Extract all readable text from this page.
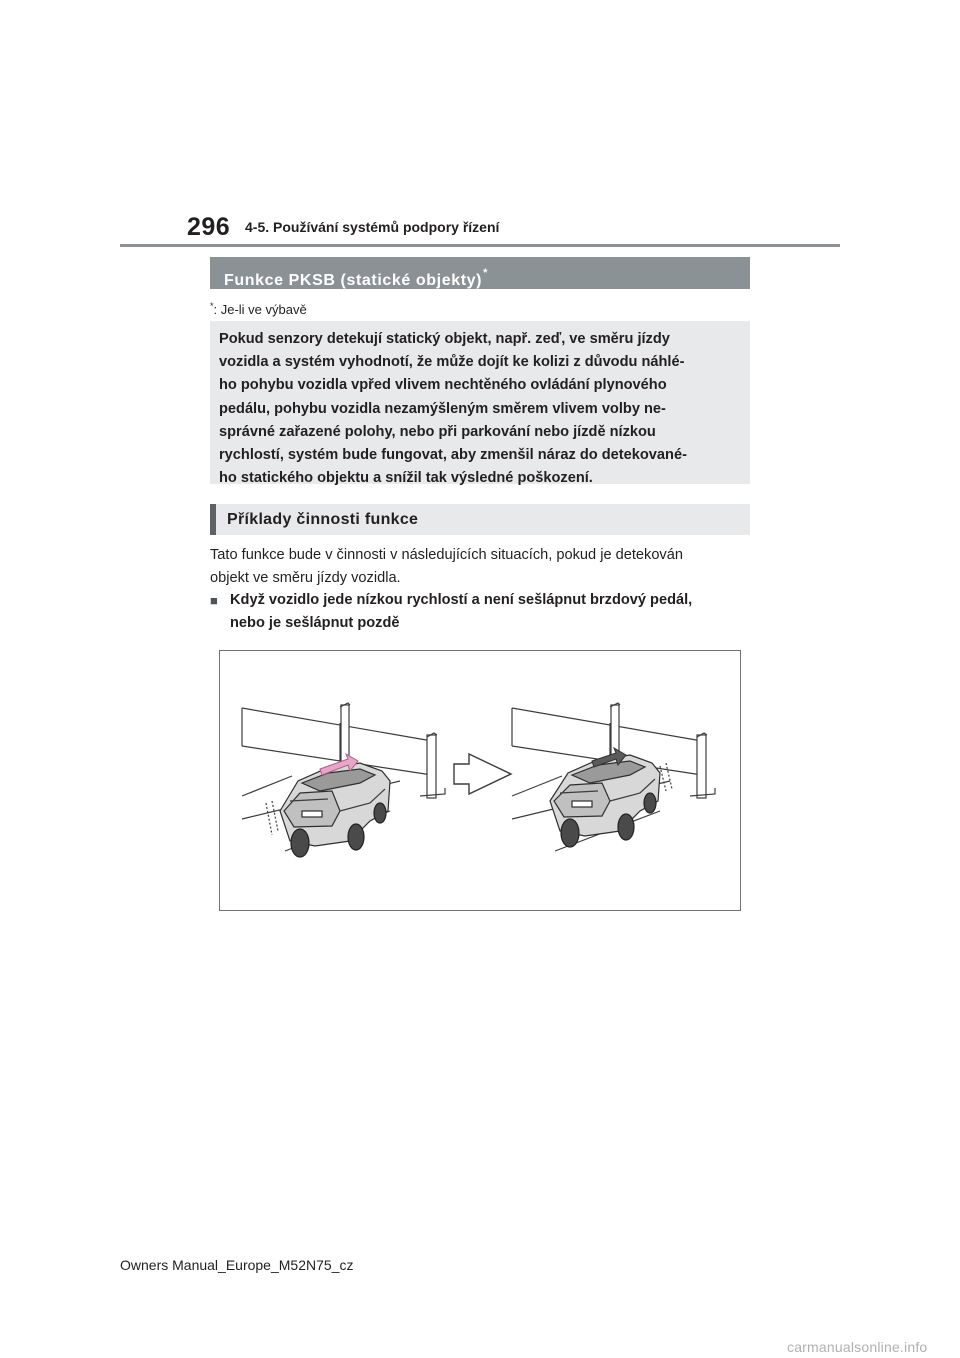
296 4-5. Používání systémů podpory řízení
Funkce PKSB (statické objekty)*
*: Je-li ve výbavě
Pokud senzory detekují statický objekt, např. zeď, ve směru jízdy
vozidla a systém vyhodnotí, že může dojít ke kolizi z důvodu náhlé-
ho pohybu vozidla vpřed vlivem nechtěného ovládání plynového
pedálu, pohybu vozidla nezamýšleným směrem vlivem volby ne-
správné zařazené polohy, nebo při parkování nebo jízdě nízkou
rychlostí, systém bude fungovat, aby zmenšil náraz do detekované-
ho statického objektu a snížil tak výsledné poškození.
Příklady činnosti funkce
Tato funkce bude v činnosti v následujících situacích, pokud je detekován
objekt ve směru jízdy vozidla.
■ Když vozidlo jede nízkou rychlostí a není sešlápnut brzdový pedál,
nebo je sešlápnut pozdě
Owners Manual_Europe_M52N75_cz
carmanualsonline.info
